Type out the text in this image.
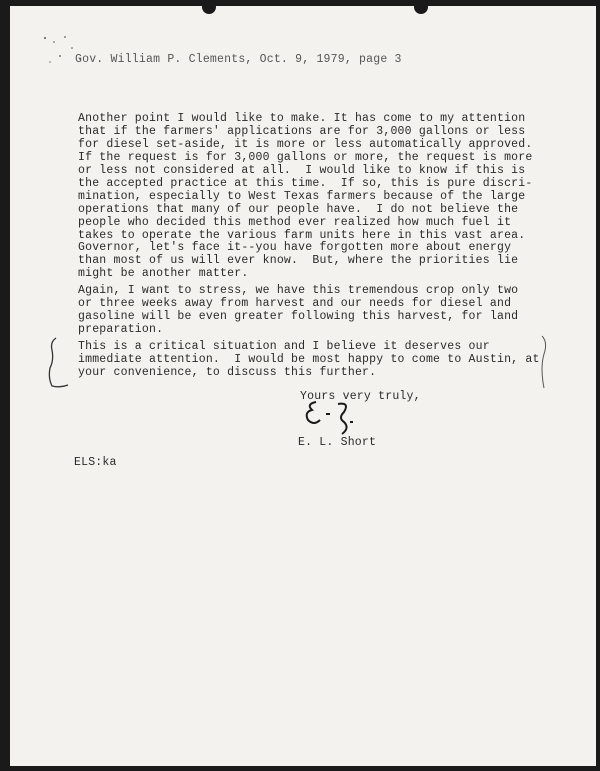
Gov. William P. Clements, Oct. 9, 1979, page 3
Another point I would like to make. It has come to my attention
that if the farmers' applications are for 3,000 gallons or less
for diesel set-aside, it is more or less automatically approved.
If the request is for 3,000 gallons or more, the request is more
or less not considered at all.  I would like to know if this is
the accepted practice at this time.  If so, this is pure discri-
mination, especially to West Texas farmers because of the large
operations that many of our people have.  I do not believe the
people who decided this method ever realized how much fuel it
takes to operate the various farm units here in this vast area.
Governor, let's face it--you have forgotten more about energy
than most of us will ever know.  But, where the priorities lie
might be another matter.
Again, I want to stress, we have this tremendous crop only two
or three weeks away from harvest and our needs for diesel and
gasoline will be even greater following this harvest, for land
preparation.
This is a critical situation and I believe it deserves our
immediate attention.  I would be most happy to come to Austin, at
your convenience, to discuss this further.
Yours very truly,
E. L. Short
ELS:ka
